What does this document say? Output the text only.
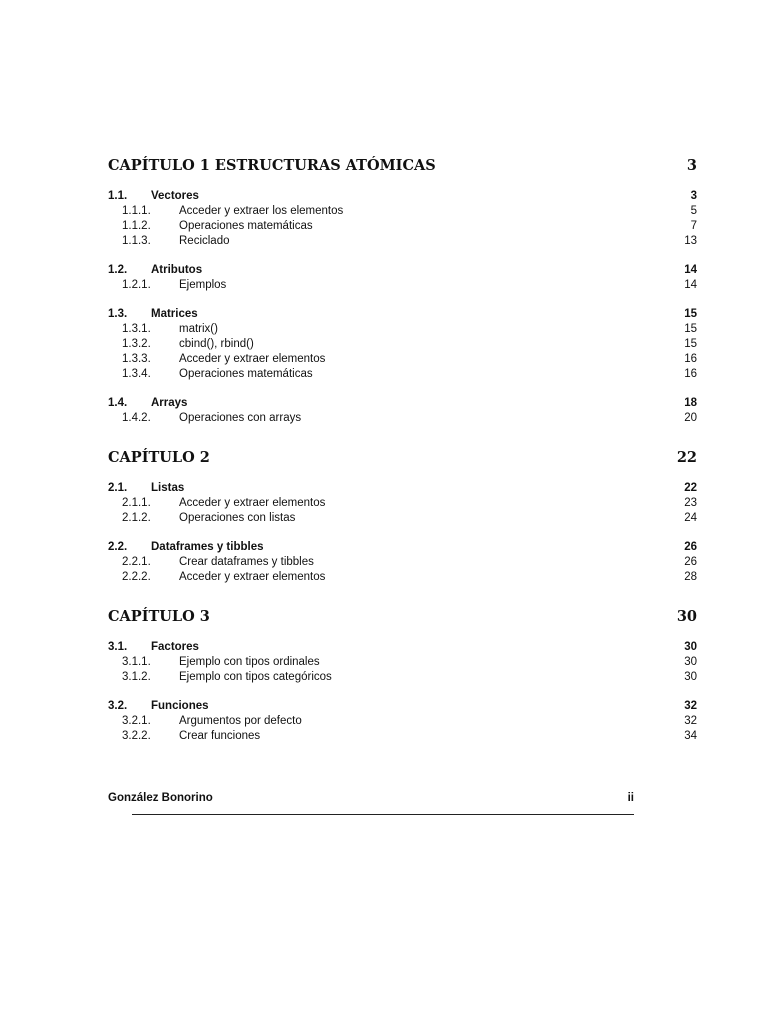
CAPÍTULO 1 ESTRUCTURAS ATÓMICAS	3
1.1.	Vectores	3
1.1.1.	Acceder y extraer los elementos	5
1.1.2.	Operaciones matemáticas	7
1.1.3.	Reciclado	13
1.2.	Atributos	14
1.2.1.	Ejemplos	14
1.3.	Matrices	15
1.3.1.	matrix()	15
1.3.2.	cbind(), rbind()	15
1.3.3.	Acceder y extraer elementos	16
1.3.4.	Operaciones matemáticas	16
1.4.	Arrays	18
1.4.2.	Operaciones con arrays	20
CAPÍTULO 2	22
2.1.	Listas	22
2.1.1.	Acceder y extraer elementos	23
2.1.2.	Operaciones con listas	24
2.2.	Dataframes y tibbles	26
2.2.1.	Crear dataframes y tibbles	26
2.2.2.	Acceder y extraer elementos	28
CAPÍTULO 3	30
3.1.	Factores	30
3.1.1.	Ejemplo con tipos ordinales	30
3.1.2.	Ejemplo con tipos categóricos	30
3.2.	Funciones	32
3.2.1.	Argumentos por defecto	32
3.2.2.	Crear funciones	34
González Bonorino	ii
